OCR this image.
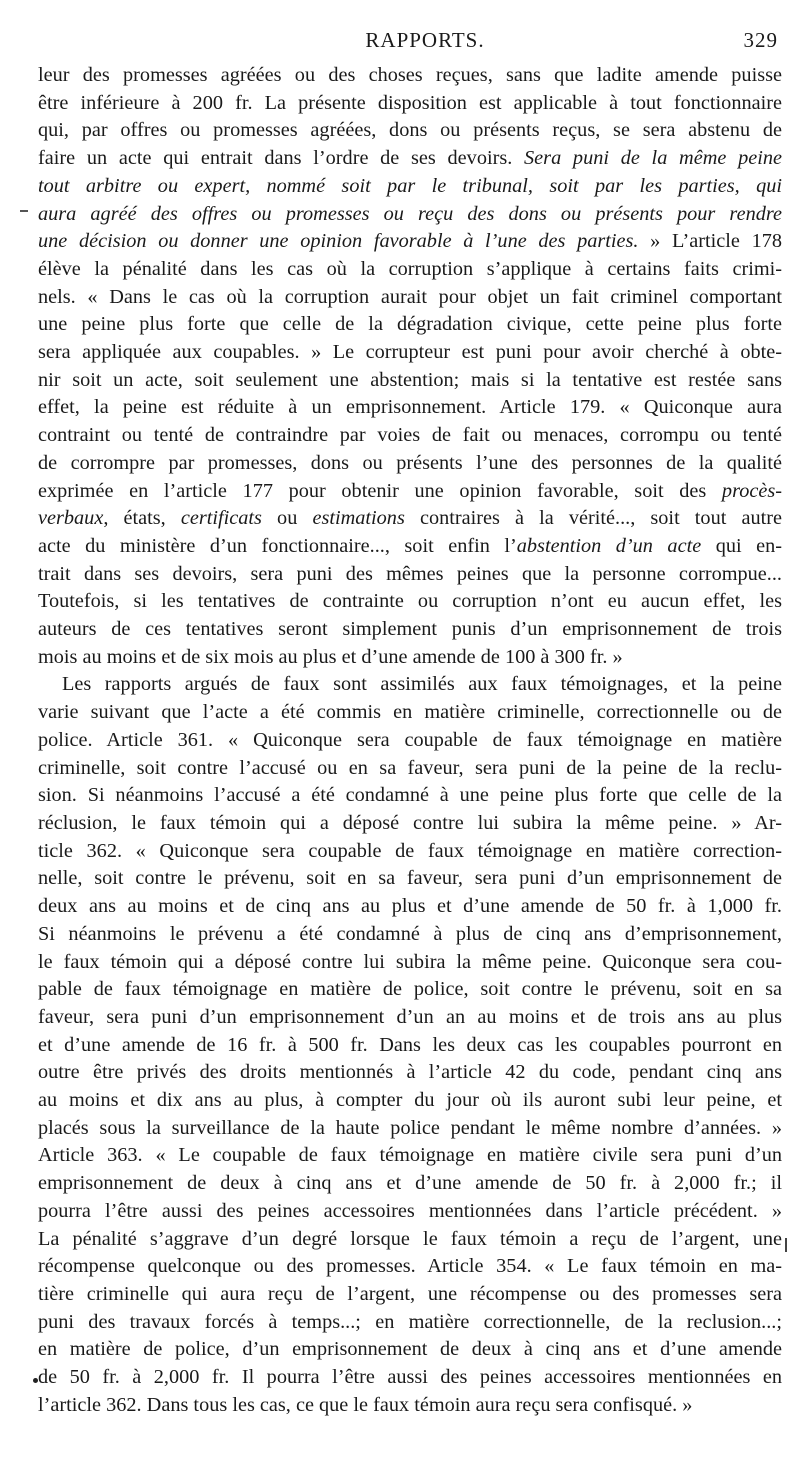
RAPPORTS.	329
leur des promesses agréées ou des choses reçues, sans que ladite amende puisse
être inférieure à 200 fr. La présente disposition est applicable à tout fonctionnaire
qui, par offres ou promesses agréées, dons ou présents reçus, se sera abstenu de
faire un acte qui entrait dans l’ordre de ses devoirs. Sera puni de la même peine
tout arbitre ou expert, nommé soit par le tribunal, soit par les parties, qui
aura agréé des offres ou promesses ou reçu des dons ou présents pour rendre
une décision ou donner une opinion favorable à l’une des parties. » L’article 178
élève la pénalité dans les cas où la corruption s’applique à certains faits crimi-
nels. « Dans le cas où la corruption aurait pour objet un fait criminel comportant
une peine plus forte que celle de la dégradation civique, cette peine plus forte
sera appliquée aux coupables. » Le corrupteur est puni pour avoir cherché à obte-
nir soit un acte, soit seulement une abstention; mais si la tentative est restée sans
effet, la peine est réduite à un emprisonnement. Article 179. « Quiconque aura
contraint ou tenté de contraindre par voies de fait ou menaces, corrompu ou tenté
de corrompre par promesses, dons ou présents l’une des personnes de la qualité
exprimée en l’article 177 pour obtenir une opinion favorable, soit des procès-
verbaux, états, certificats ou estimations contraires à la vérité..., soit tout autre
acte du ministère d’un fonctionnaire..., soit enfin l’abstention d’un acte qui en-
trait dans ses devoirs, sera puni des mêmes peines que la personne corrompue...
Toutefois, si les tentatives de contrainte ou corruption n’ont eu aucun effet, les
auteurs de ces tentatives seront simplement punis d’un emprisonnement de trois
mois au moins et de six mois au plus et d’une amende de 100 à 300 fr. »
Les rapports argués de faux sont assimilés aux faux témoignages, et la peine
varie suivant que l’acte a été commis en matière criminelle, correctionnelle ou de
police. Article 361. « Quiconque sera coupable de faux témoignage en matière
criminelle, soit contre l’accusé ou en sa faveur, sera puni de la peine de la reclu-
sion. Si néanmoins l’accusé a été condamné à une peine plus forte que celle de la
réclusion, le faux témoin qui a déposé contre lui subira la même peine. » Ar-
ticle 362. « Quiconque sera coupable de faux témoignage en matière correction-
nelle, soit contre le prévenu, soit en sa faveur, sera puni d’un emprisonnement de
deux ans au moins et de cinq ans au plus et d’une amende de 50 fr. à 1,000 fr.
Si néanmoins le prévenu a été condamné à plus de cinq ans d’emprisonnement,
le faux témoin qui a déposé contre lui subira la même peine. Quiconque sera cou-
pable de faux témoignage en matière de police, soit contre le prévenu, soit en sa
faveur, sera puni d’un emprisonnement d’un an au moins et de trois ans au plus
et d’une amende de 16 fr. à 500 fr. Dans les deux cas les coupables pourront en
outre être privés des droits mentionnés à l’article 42 du code, pendant cinq ans
au moins et dix ans au plus, à compter du jour où ils auront subi leur peine, et
placés sous la surveillance de la haute police pendant le même nombre d’années. »
Article 363. « Le coupable de faux témoignage en matière civile sera puni d’un
emprisonnement de deux à cinq ans et d’une amende de 50 fr. à 2,000 fr.; il
pourra l’être aussi des peines accessoires mentionnées dans l’article précédent. »
La pénalité s’aggrave d’un degré lorsque le faux témoin a reçu de l’argent, une
récompense quelconque ou des promesses. Article 354. « Le faux témoin en ma-
tière criminelle qui aura reçu de l’argent, une récompense ou des promesses sera
puni des travaux forcés à temps...; en matière correctionnelle, de la reclusion...;
en matière de police, d’un emprisonnement de deux à cinq ans et d’une amende
de 50 fr. à 2,000 fr. Il pourra l’être aussi des peines accessoires mentionnées en
l’article 362. Dans tous les cas, ce que le faux témoin aura reçu sera confisqué. »
